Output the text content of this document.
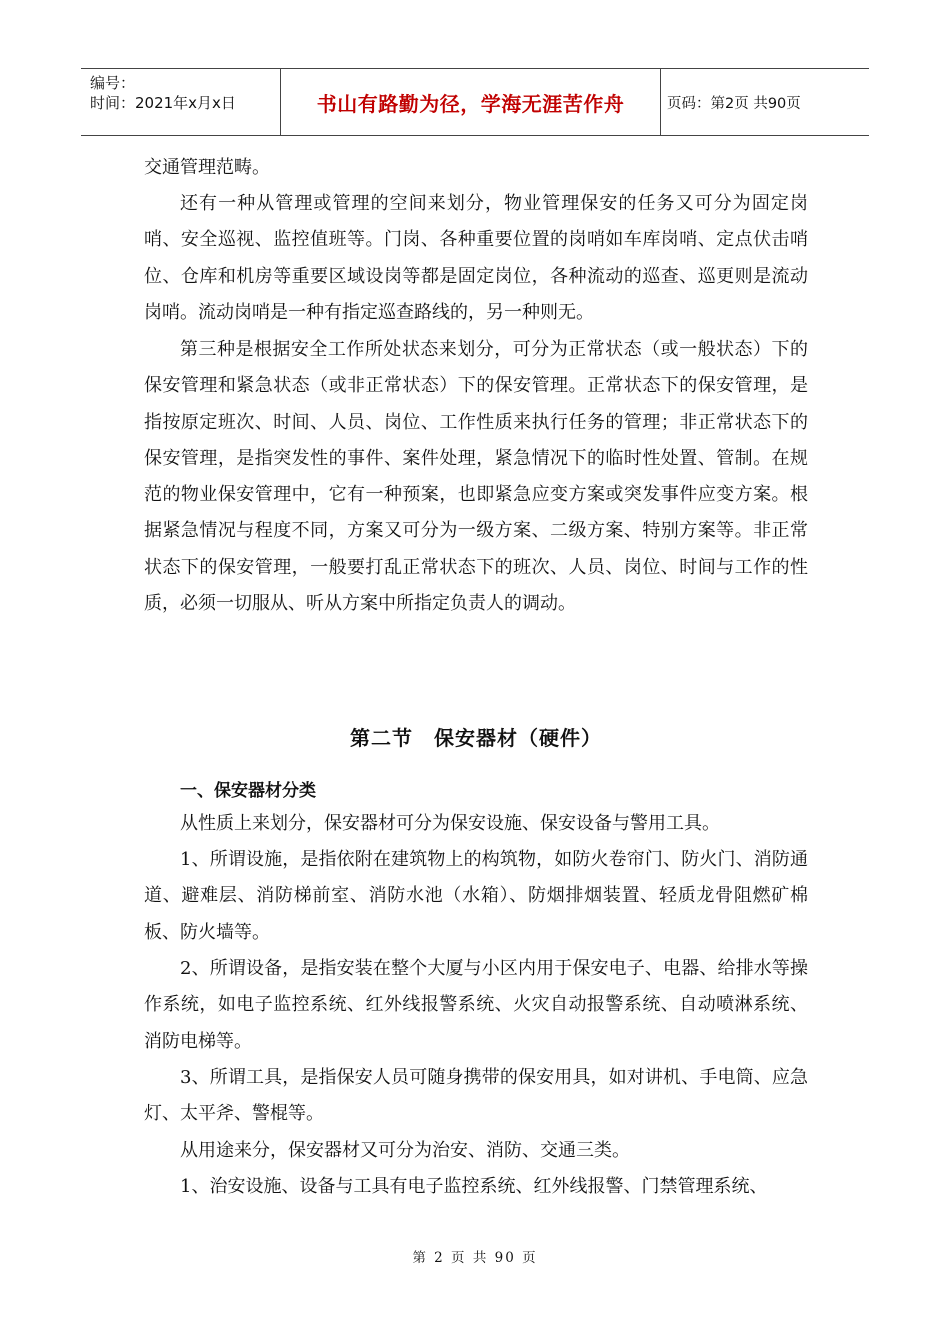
编号：
时间：2021年x月x日	书山有路勤为径，学海无涯苦作舟	页码：第2页 共90页

交通管理范畴。

还有一种从管理或管理的空间来划分，物业管理保安的任务又可分为固定岗哨、安全巡视、监控值班等。门岗、各种重要位置的岗哨如车库岗哨、定点伏击哨位、仓库和机房等重要区域设岗等都是固定岗位，各种流动的巡查、巡更则是流动岗哨。流动岗哨是一种有指定巡查路线的，另一种则无。

第三种是根据安全工作所处状态来划分，可分为正常状态（或一般状态）下的保安管理和紧急状态（或非正常状态）下的保安管理。正常状态下的保安管理，是指按原定班次、时间、人员、岗位、工作性质来执行任务的管理；非正常状态下的保安管理，是指突发性的事件、案件处理，紧急情况下的临时性处置、管制。在规范的物业保安管理中，它有一种预案，也即紧急应变方案或突发事件应变方案。根据紧急情况与程度不同，方案又可分为一级方案、二级方案、特别方案等。非正常状态下的保安管理，一般要打乱正常状态下的班次、人员、岗位、时间与工作的性质，必须一切服从、听从方案中所指定负责人的调动。

第二节　保安器材（硬件）
一、保安器材分类

从性质上来划分，保安器材可分为保安设施、保安设备与警用工具。

1、所谓设施，是指依附在建筑物上的构筑物，如防火卷帘门、防火门、消防通道、避难层、消防梯前室、消防水池（水箱）、防烟排烟装置、轻质龙骨阻燃矿棉板、防火墙等。

2、所谓设备，是指安装在整个大厦与小区内用于保安电子、电器、给排水等操作系统，如电子监控系统、红外线报警系统、火灾自动报警系统、自动喷淋系统、消防电梯等。

3、所谓工具，是指保安人员可随身携带的保安用具，如对讲机、手电筒、应急灯、太平斧、警棍等。

从用途来分，保安器材又可分为治安、消防、交通三类。

1、治安设施、设备与工具有电子监控系统、红外线报警、门禁管理系统、

第 2 页 共 90 页
